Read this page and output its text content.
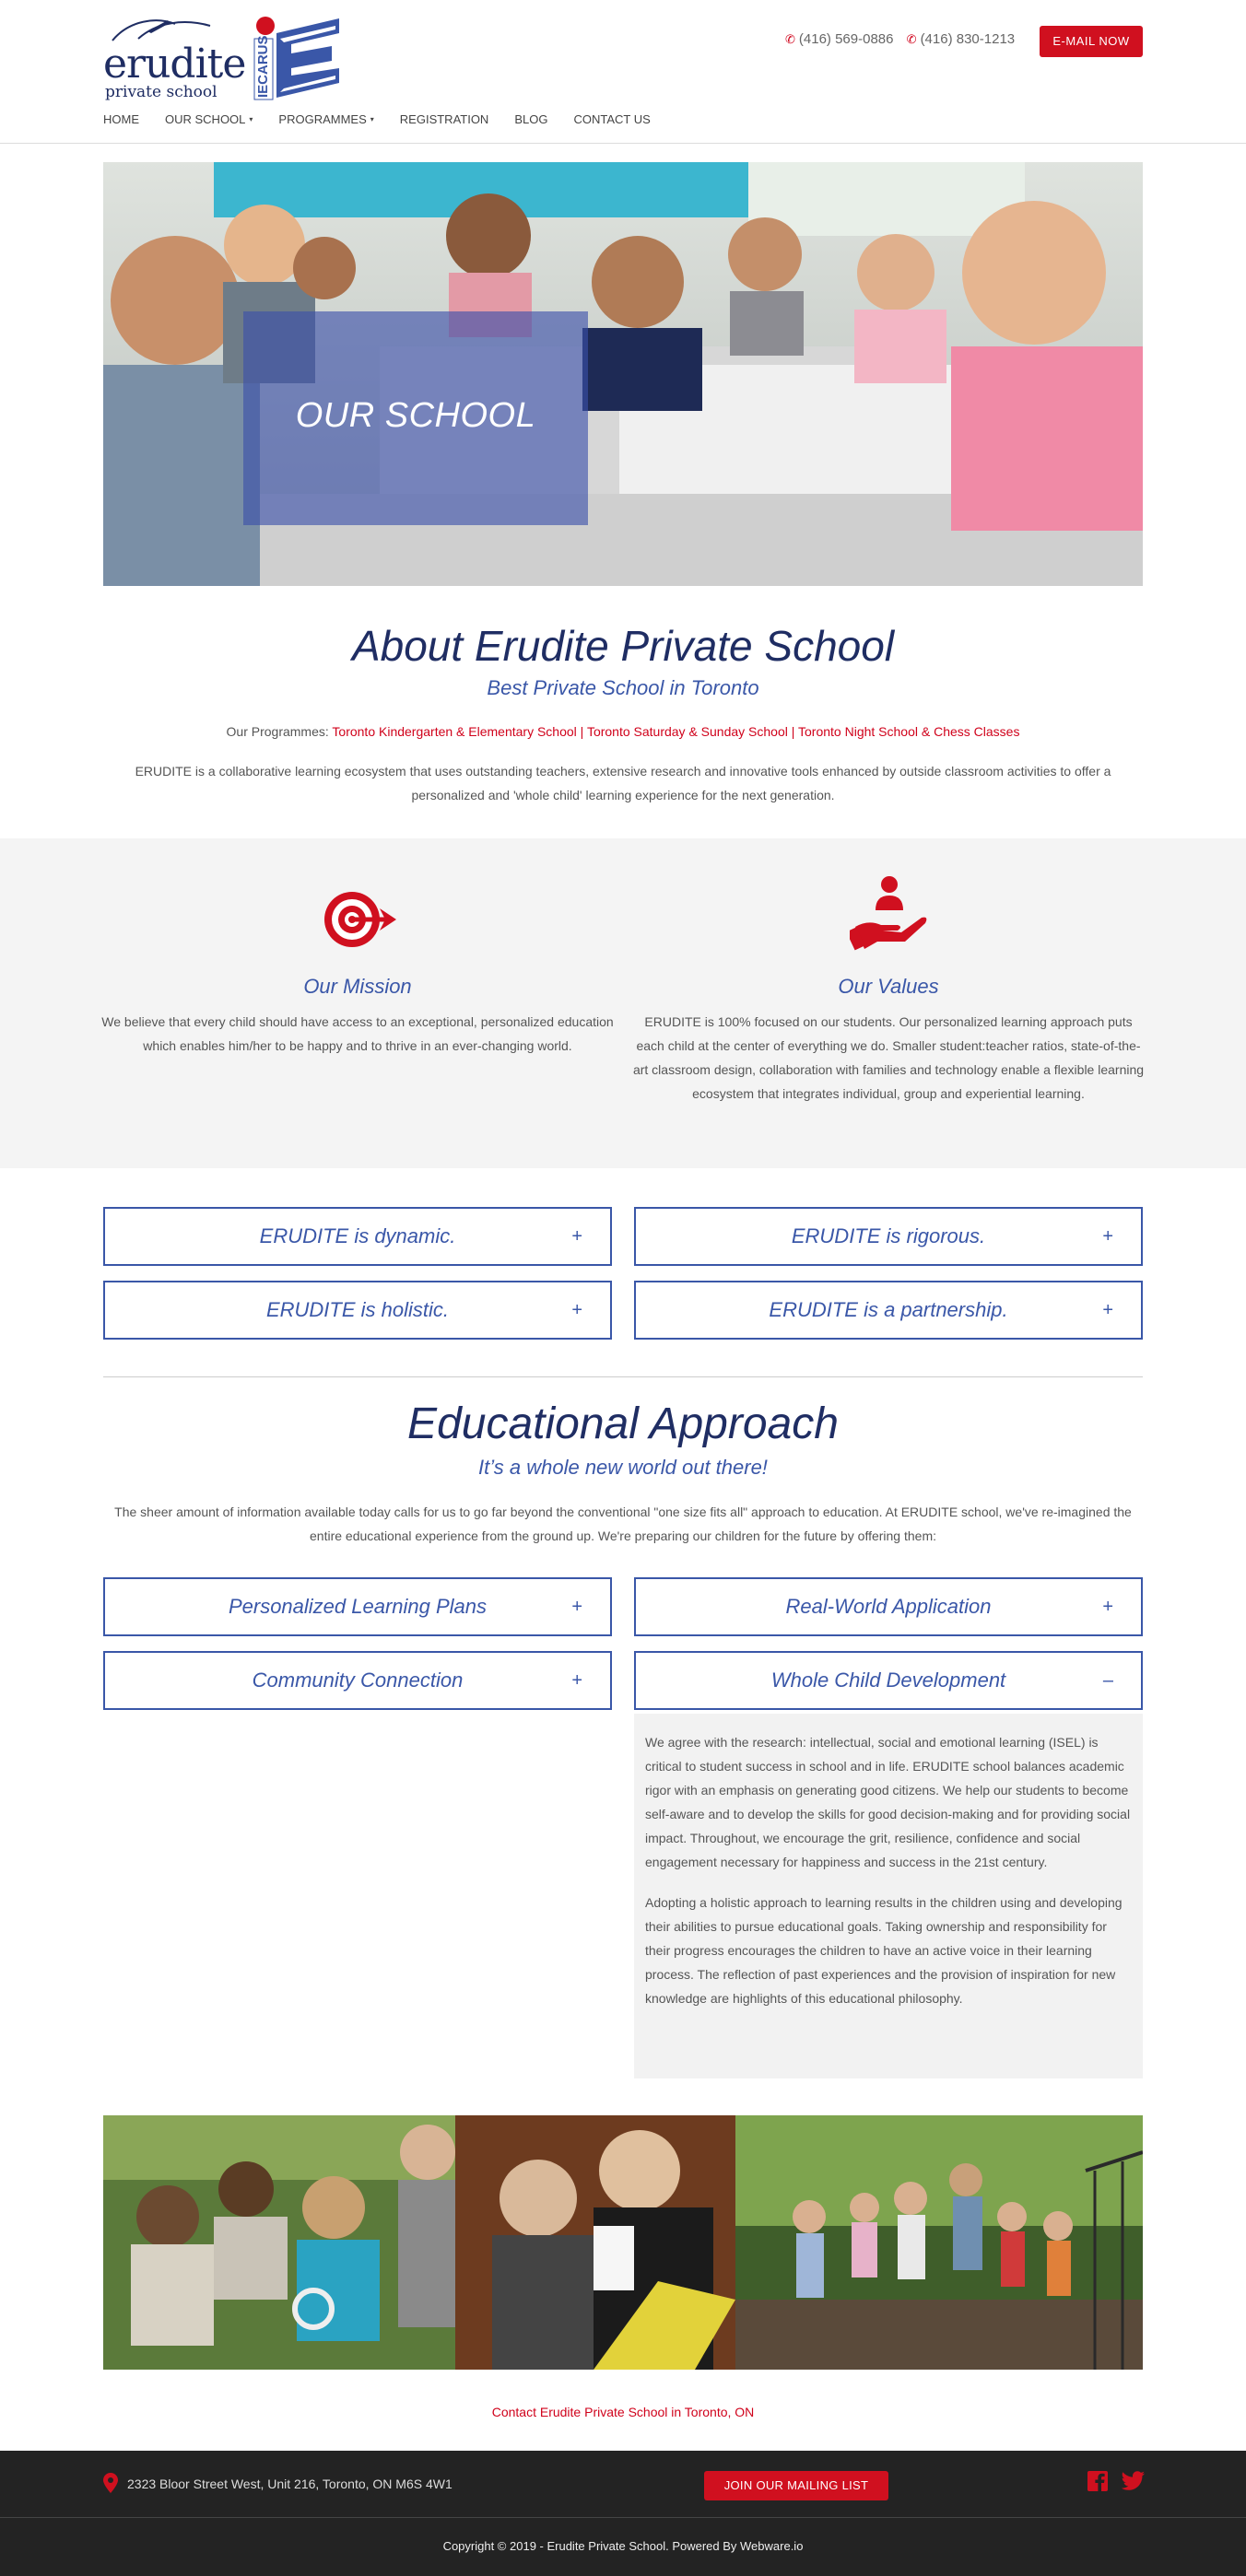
erudite
private school	IECARUS	✆ (416) 569-0886 ✆ (416) 830-1213	E-MAIL NOW
HOME OUR SCHOOL ▾ PROGRAMMES ▾ REGISTRATION BLOG CONTACT US
OUR SCHOOL
About Erudite Private School
Best Private School in Toronto
Our Programmes: Toronto Kindergarten & Elementary School | Toronto Saturday & Sunday School | Toronto Night School & Chess Classes
ERUDITE is a collaborative learning ecosystem that uses outstanding teachers, extensive research and innovative tools enhanced by outside classroom activities to offer a personalized and 'whole child' learning experience for the next generation.
Our Mission
We believe that every child should have access to an exceptional, personalized education which enables him/her to be happy and to thrive in an ever-changing world.
Our Values
ERUDITE is 100% focused on our students. Our personalized learning approach puts each child at the center of everything we do. Smaller student:teacher ratios, state-of-the-art classroom design, collaboration with families and technology enable a flexible learning ecosystem that integrates individual, group and experiential learning.
ERUDITE is dynamic.	+	ERUDITE is rigorous.	+
ERUDITE is holistic.	+	ERUDITE is a partnership.	+
Educational Approach
It’s a whole new world out there!
The sheer amount of information available today calls for us to go far beyond the conventional "one size fits all" approach to education. At ERUDITE school, we've re-imagined the entire educational experience from the ground up. We're preparing our children for the future by offering them:
Personalized Learning Plans	+	Real-World Application	+
Community Connection	+	Whole Child Development	–

We agree with the research: intellectual, social and emotional learning (ISEL) is critical to student success in school and in life. ERUDITE school balances academic rigor with an emphasis on generating good citizens. We help our students to become self-aware and to develop the skills for good decision-making and for providing social impact. Throughout, we encourage the grit, resilience, confidence and social engagement necessary for happiness and success in the 21st century.

Adopting a holistic approach to learning results in the children using and developing their abilities to pursue educational goals. Taking ownership and responsibility for their progress encourages the children to have an active voice in their learning process. The reflection of past experiences and the provision of inspiration for new knowledge are highlights of this educational philosophy.

Contact Erudite Private School in Toronto, ON
2323 Bloor Street West, Unit 216, Toronto, ON M6S 4W1	JOIN OUR MAILING LIST
Copyright © 2019 - Erudite Private School. Powered By Webware.io
